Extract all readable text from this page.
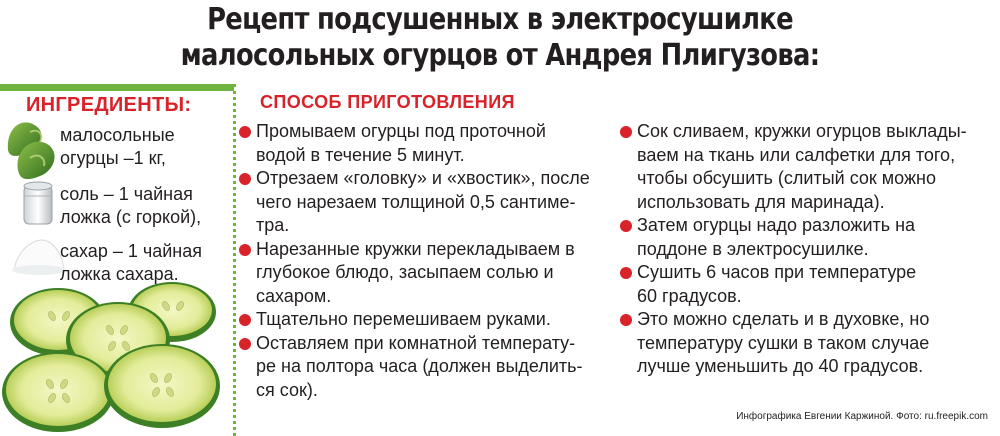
Рецепт подсушенных в электросушилке
малосольных огурцов от Андрея Плигузова:
ИНГРЕДИЕНТЫ:
малосольные
огурцы –1 кг,
соль – 1 чайная
ложка (с горкой),
сахар – 1 чайная
ложка сахара.
СПОСОБ ПРИГОТОВЛЕНИЯ
Промываем огурцы под проточной
водой в течение 5 минут.
Отрезаем «головку» и «хвостик», после
чего нарезаем толщиной 0,5 сантиме-
тра.
Нарезанные кружки перекладываем в
глубокое блюдо, засыпаем солью и
сахаром.
Тщательно перемешиваем руками.
Оставляем при комнатной температу-
ре на полтора часа (должен выделить-
ся сок).
Сок сливаем, кружки огурцов выклады-
ваем на ткань или салфетки для того,
чтобы обсушить (слитый сок можно
использовать для маринада).
Затем огурцы надо разложить на
поддоне в электросушилке.
Сушить 6 часов при температуре
60 градусов.
Это можно сделать и в духовке, но
температуру сушки в таком случае
лучше уменьшить до 40 градусов.
Инфографика Евгении Каржиной. Фото: ru.freepik.com
